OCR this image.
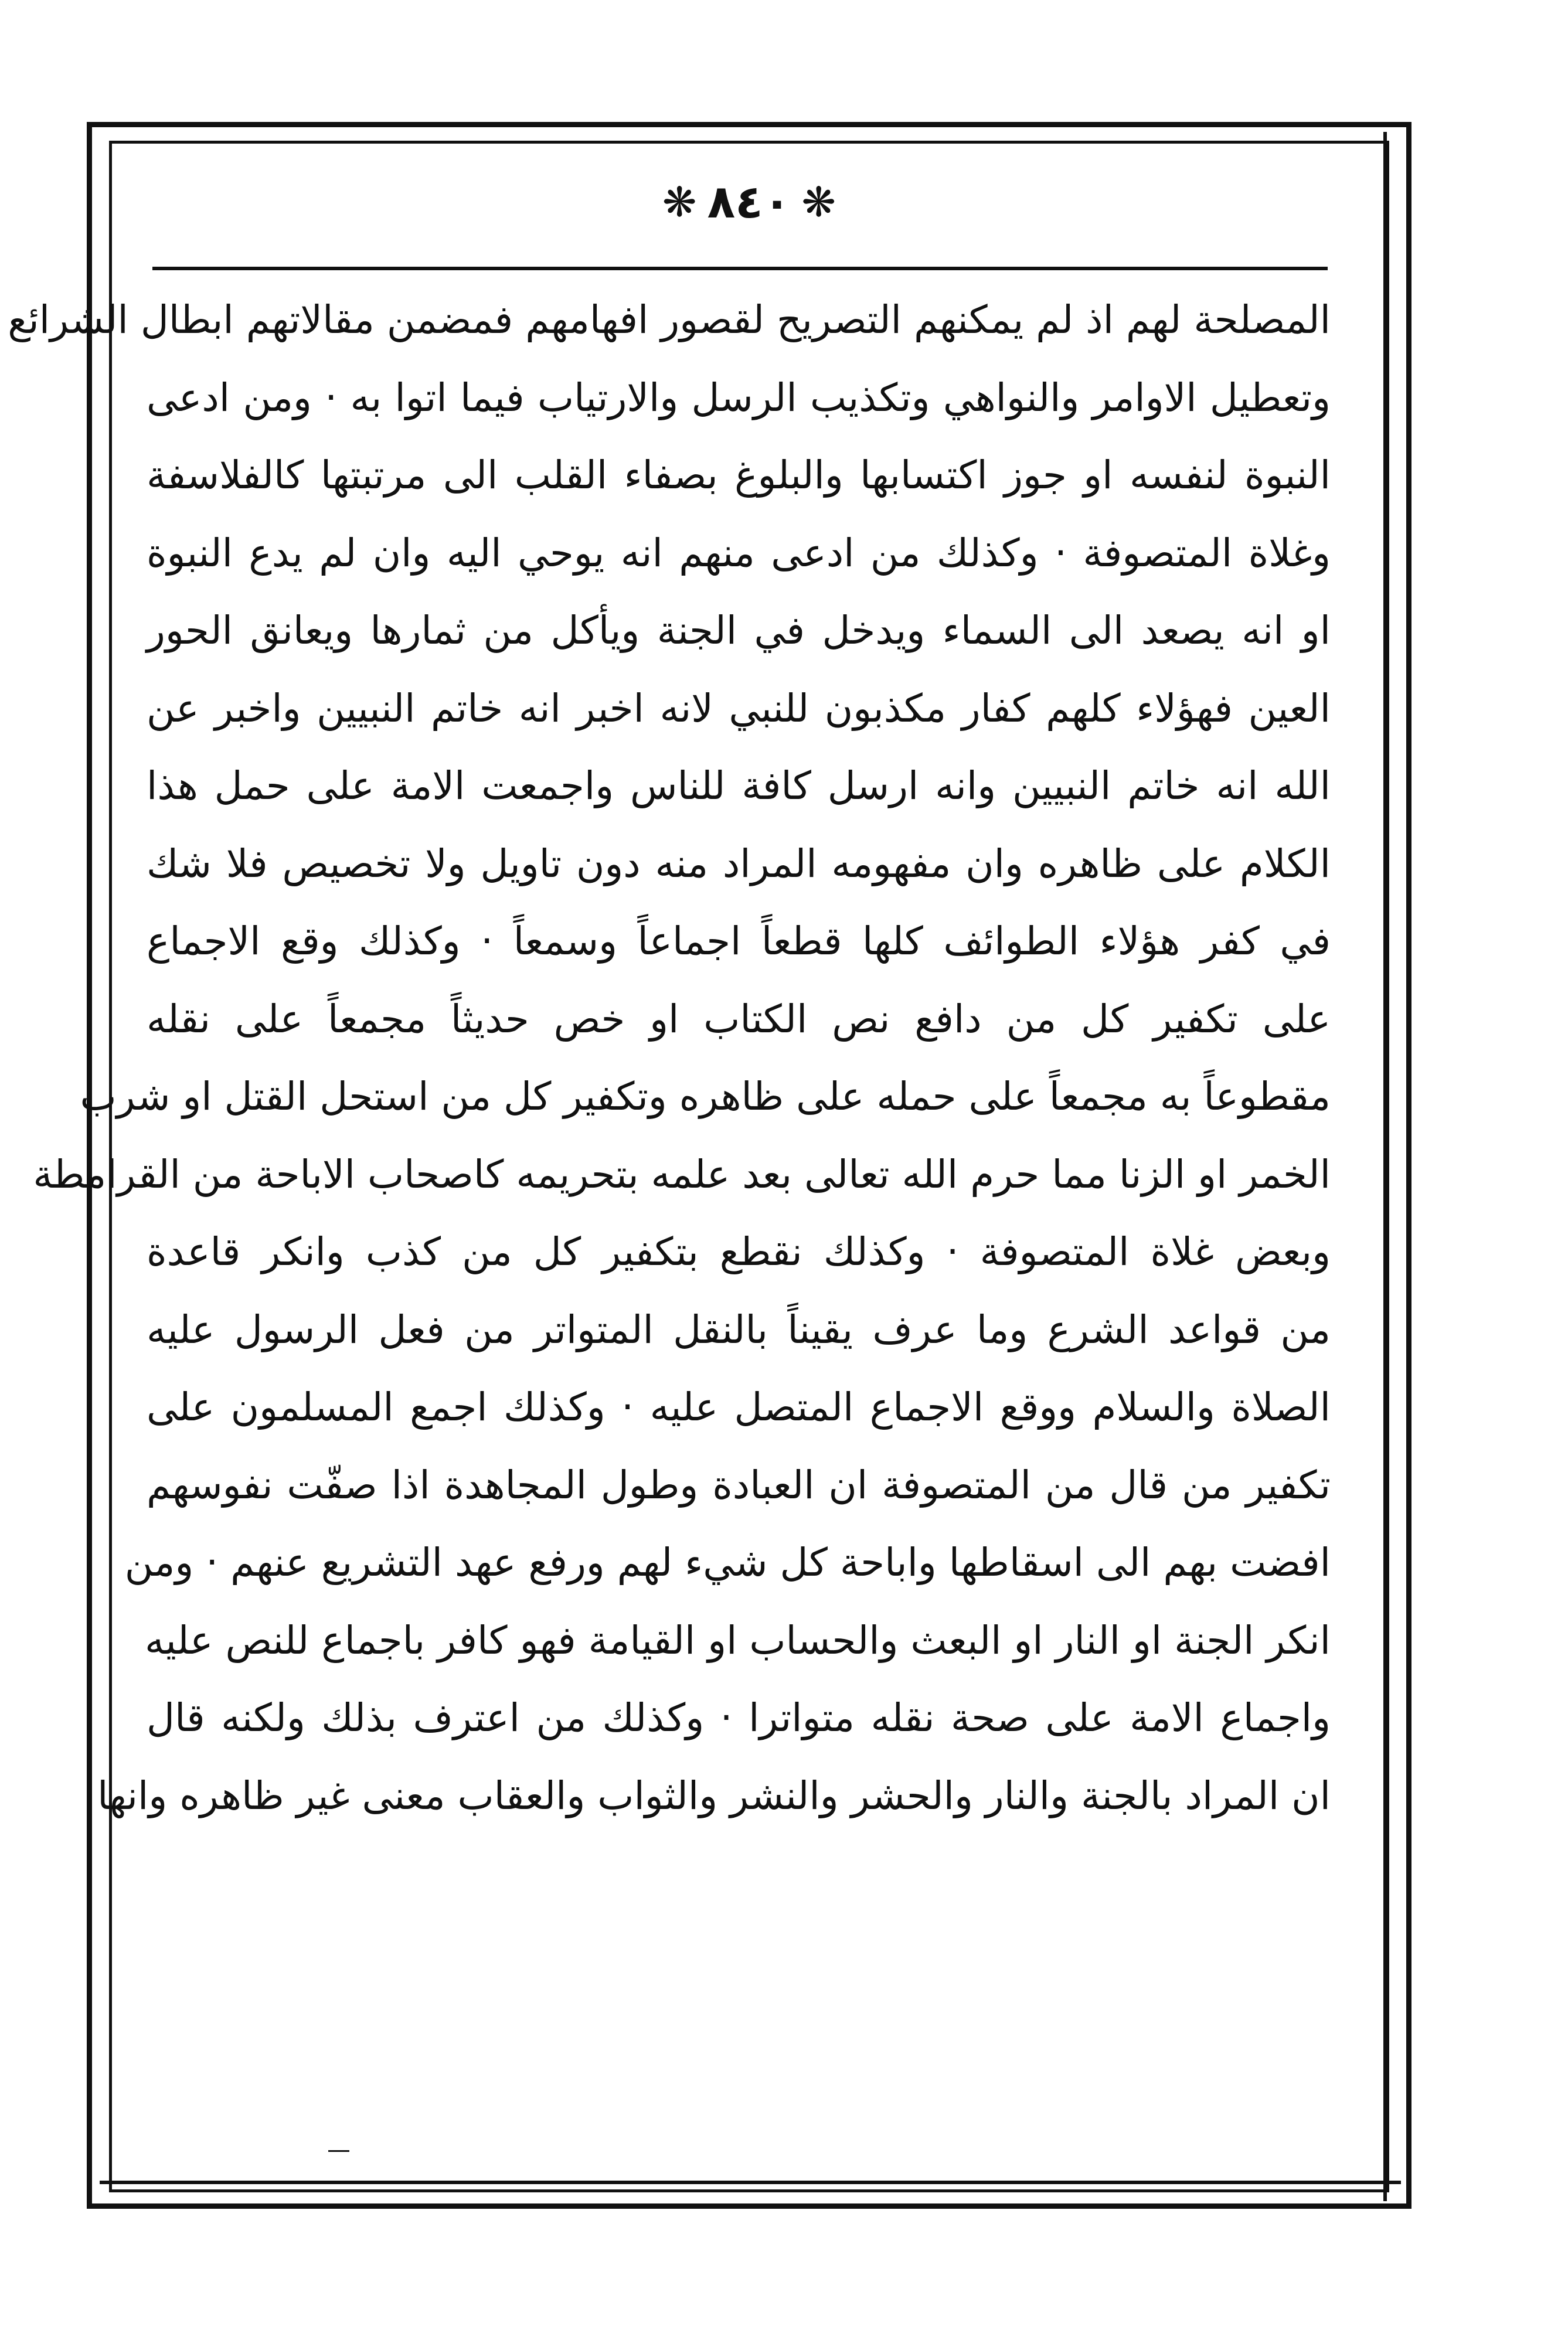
❋ ٨٤٠ ❋
المصلحة لهم اذ لم يمكنهم التصريح لقصور افهامهم فمضمن مقالاتهم ابطال الشرائع
وتعطيل الاوامر والنواهي وتكذيب الرسل والارتياب فيما اتوا به · ومن ادعى
النبوة لنفسه او جوز اكتسابها والبلوغ بصفاء القلب الى مرتبتها كالفلاسفة
وغلاة المتصوفة · وكذلك من ادعى منهم انه يوحي اليه وان لم يدع النبوة
او انه يصعد الى السماء ويدخل في الجنة ويأكل من ثمارها ويعانق الحور
العين فهؤلاء كلهم كفار مكذبون للنبي لانه اخبر انه خاتم النبيين واخبر عن
الله انه خاتم النبيين وانه ارسل كافة للناس واجمعت الامة على حمل هذا
الكلام على ظاهره وان مفهومه المراد منه دون تاويل ولا تخصيص فلا شك
في كفر هؤلاء الطوائف كلها قطعاً اجماعاً وسمعاً · وكذلك وقع الاجماع
على تكفير كل من دافع نص الكتاب او خص حديثاً مجمعاً على نقله
مقطوعاً به مجمعاً على حمله على ظاهره وتكفير كل من استحل القتل او شرب
الخمر او الزنا مما حرم الله تعالى بعد علمه بتحريمه كاصحاب الاباحة من القرامطة
وبعض غلاة المتصوفة · وكذلك نقطع بتكفير كل من كذب وانكر قاعدة
من قواعد الشرع وما عرف يقيناً بالنقل المتواتر من فعل الرسول عليه
الصلاة والسلام ووقع الاجماع المتصل عليه · وكذلك اجمع المسلمون على
تكفير من قال من المتصوفة ان العبادة وطول المجاهدة اذا صفّت نفوسهم
افضت بهم الى اسقاطها واباحة كل شيء لهم ورفع عهد التشريع عنهم · ومن
انكر الجنة او النار او البعث والحساب او القيامة فهو كافر باجماع للنص عليه
واجماع الامة على صحة نقله متواترا · وكذلك من اعترف بذلك ولكنه قال
ان المراد بالجنة والنار والحشر والنشر والثواب والعقاب معنى غير ظاهره وانها
